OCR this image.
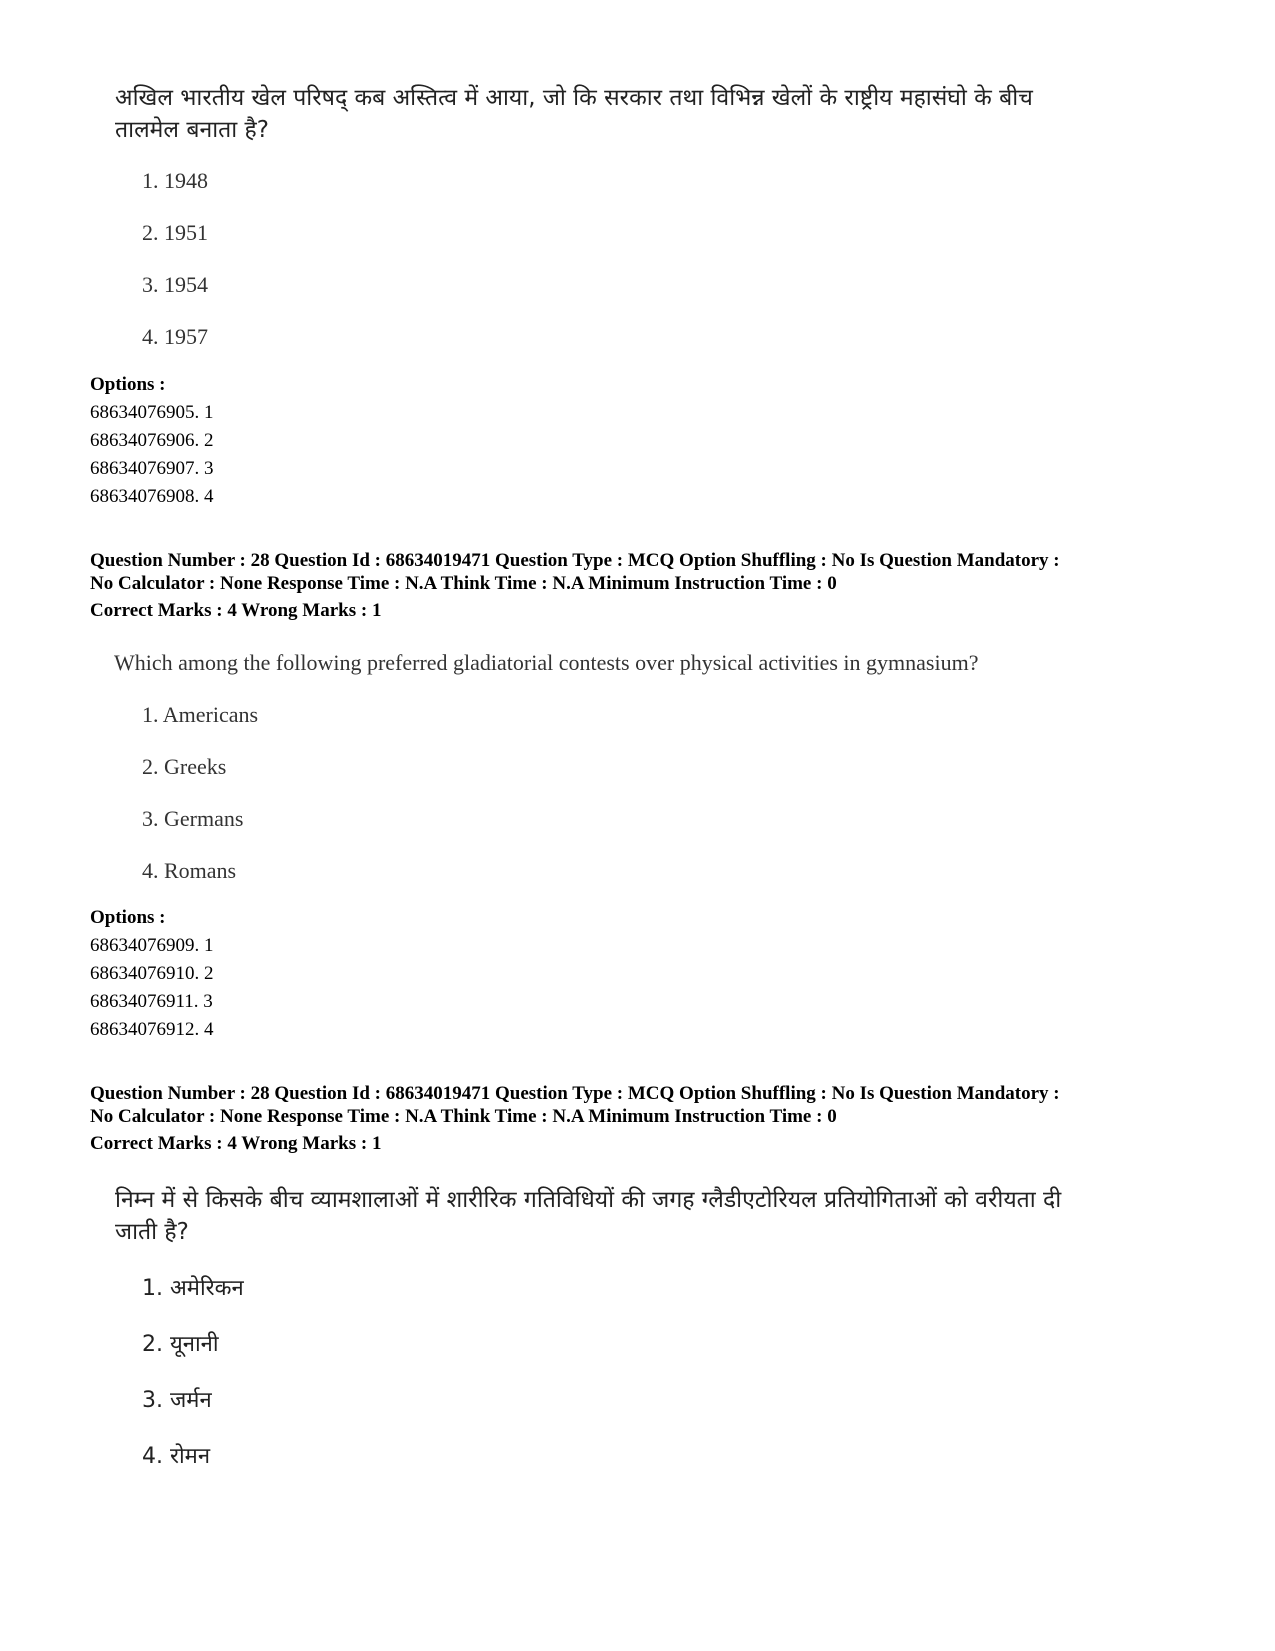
अखिल भारतीय खेल परिषद् कब अस्तित्व में आया, जो कि सरकार तथा विभिन्न खेलों के राष्ट्रीय महासंघो के बीच
तालमेल बनाता है?
1. 1948
2. 1951
3. 1954
4. 1957
Options :
68634076905. 1
68634076906. 2
68634076907. 3
68634076908. 4
Question Number : 28 Question Id : 68634019471 Question Type : MCQ Option Shuffling : No Is Question Mandatory :
No Calculator : None Response Time : N.A Think Time : N.A Minimum Instruction Time : 0
Correct Marks : 4 Wrong Marks : 1
Which among the following preferred gladiatorial contests over physical activities in gymnasium?
1. Americans
2. Greeks
3. Germans
4. Romans
Options :
68634076909. 1
68634076910. 2
68634076911. 3
68634076912. 4
Question Number : 28 Question Id : 68634019471 Question Type : MCQ Option Shuffling : No Is Question Mandatory :
No Calculator : None Response Time : N.A Think Time : N.A Minimum Instruction Time : 0
Correct Marks : 4 Wrong Marks : 1
निम्न में से किसके बीच व्यामशालाओं में शारीरिक गतिविधियों की जगह ग्लैडीएटोरियल प्रतियोगिताओं को वरीयता दी
जाती है?
1. अमेरिकन
2. यूनानी
3. जर्मन
4. रोमन
